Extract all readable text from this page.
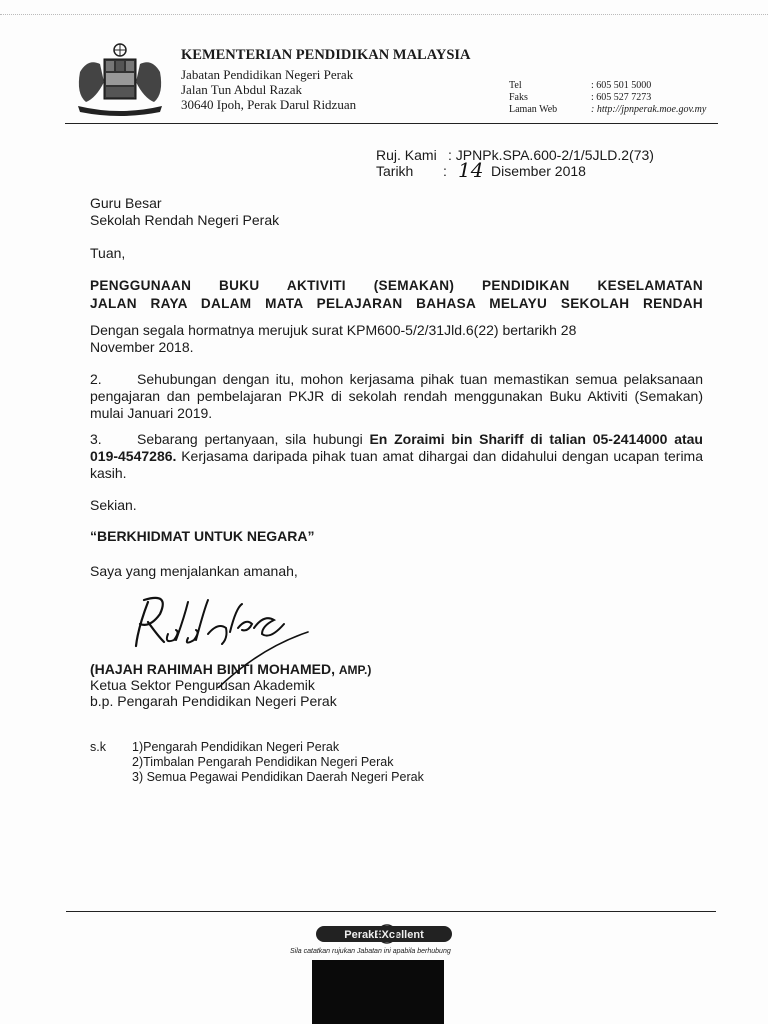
KEMENTERIAN PENDIDIKAN MALAYSIA
Jabatan Pendidikan Negeri Perak
Jalan Tun Abdul Razak
30640 Ipoh, Perak Darul Ridzuan
Tel
Faks
Laman Web
: 605 501 5000
: 605 527 7273
: http://jpnperak.moe.gov.my
Ruj. Kami : JPNPk.SPA.600-2/1/5JLD.2(73)
Tarikh : 14 Disember 2018
Guru Besar
Sekolah Rendah Negeri Perak
Tuan,
PENGGUNAAN BUKU AKTIVITI (SEMAKAN) PENDIDIKAN KESELAMATAN
JALAN RAYA DALAM MATA PELAJARAN BAHASA MELAYU SEKOLAH RENDAH
Dengan segala hormatnya merujuk surat KPM600-5/2/31Jld.6(22) bertarikh 28 November 2018.
2.	Sehubungan dengan itu, mohon kerjasama pihak tuan memastikan semua pelaksanaan pengajaran dan pembelajaran PKJR di sekolah rendah menggunakan Buku Aktiviti (Semakan) mulai Januari 2019.
3.	Sebarang pertanyaan, sila hubungi En Zoraimi bin Shariff di talian 05-2414000 atau 019-4547286. Kerjasama daripada pihak tuan amat dihargai dan didahului dengan ucapan terima kasih.
Sekian.
“BERKHIDMAT UNTUK NEGARA”
Saya yang menjalankan amanah,
(HAJAH RAHIMAH BINTI MOHAMED, AMP.)
Ketua Sektor Pengurusan Akademik
b.p. Pengarah Pendidikan Negeri Perak
s.k 1)Pengarah Pendidikan Negeri Perak
2)Timbalan Pengarah Pendidikan Negeri Perak
3) Semua Pegawai Pendidikan Daerah Negeri Perak
PerakEXcellent
Sila catatkan rujukan Jabatan ini apabila berhubung
